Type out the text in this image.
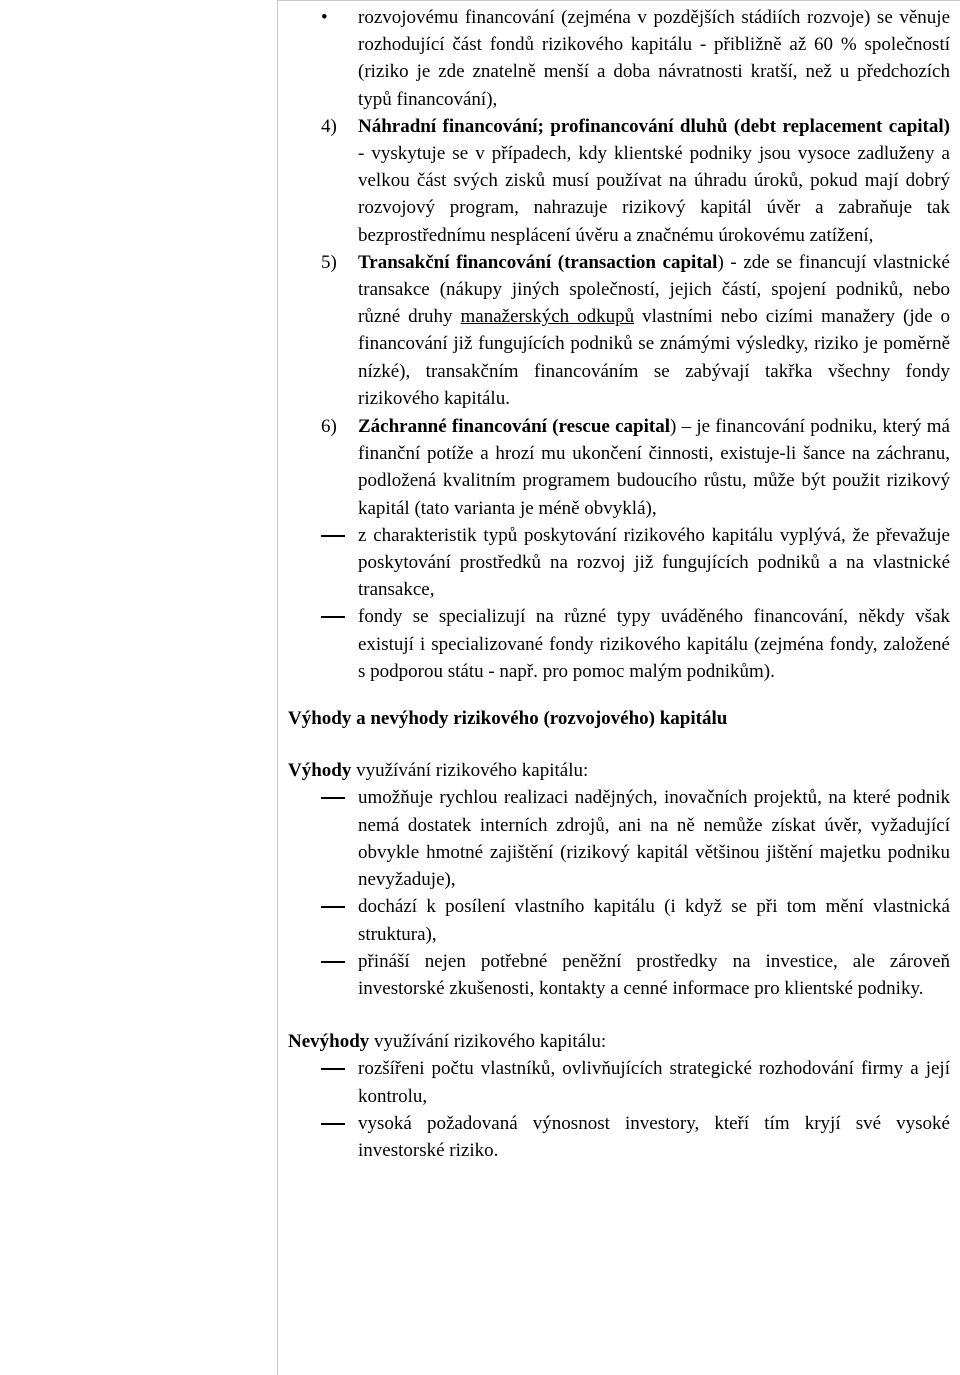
• rozvojovému financování (zejména v pozdějších stádiích rozvoje) se věnuje rozhodující část fondů rizikového kapitálu - přibližně až 60 % společností (riziko je zde znatelně menší a doba návratnosti kratší, než u předchozích typů financování),
4) Náhradní financování; profinancování dluhů (debt replacement capital) - vyskytuje se v případech, kdy klientské podniky jsou vysoce zadluženy a velkou část svých zisků musí používat na úhradu úroků, pokud mají dobrý rozvojový program, nahrazuje rizikový kapitál úvěr a zabraňuje tak bezprostřednímu nesplácení úvěru a značnému úrokovému zatížení,
5) Transakční financování (transaction capital) - zde se financují vlastnické transakce (nákupy jiných společností, jejich částí, spojení podniků, nebo různé druhy manažerských odkupů vlastními nebo cizími manažery (jde o financování již fungujících podniků se známými výsledky, riziko je poměrně nízké), transakčním financováním se zabývají takřka všechny fondy rizikového kapitálu.
6) Záchranné financování (rescue capital) – je financování podniku, který má finanční potíže a hrozí mu ukončení činnosti, existuje-li šance na záchranu, podložená kvalitním programem budoucího růstu, může být použit rizikový kapitál (tato varianta je méně obvyklá),
z charakteristik typů poskytování rizikového kapitálu vyplývá, že převažuje poskytování prostředků na rozvoj již fungujících podniků a na vlastnické transakce,
fondy se specializují na různé typy uváděného financování, někdy však existují i specializované fondy rizikového kapitálu (zejména fondy, založené s podporou státu - např. pro pomoc malým podnikům).
Výhody a nevýhody rizikového (rozvojového) kapitálu
Výhody využívání rizikového kapitálu:
umožňuje rychlou realizaci nadějných, inovačních projektů, na které podnik nemá dostatek interních zdrojů, ani na ně nemůže získat úvěr, vyžadující obvykle hmotné zajištění (rizikový kapitál většinou jištění majetku podniku nevyžaduje),
dochází k posílení vlastního kapitálu (i když se při tom mění vlastnická struktura),
přináší nejen potřebné peněžní prostředky na investice, ale zároveň investorské zkušenosti, kontakty a cenné informace pro klientské podniky.
Nevýhody využívání rizikového kapitálu:
rozšířeni počtu vlastníků, ovlivňujících strategické rozhodování firmy a její kontrolu,
vysoká požadovaná výnosnost investory, kteří tím kryjí své vysoké investorské riziko.
